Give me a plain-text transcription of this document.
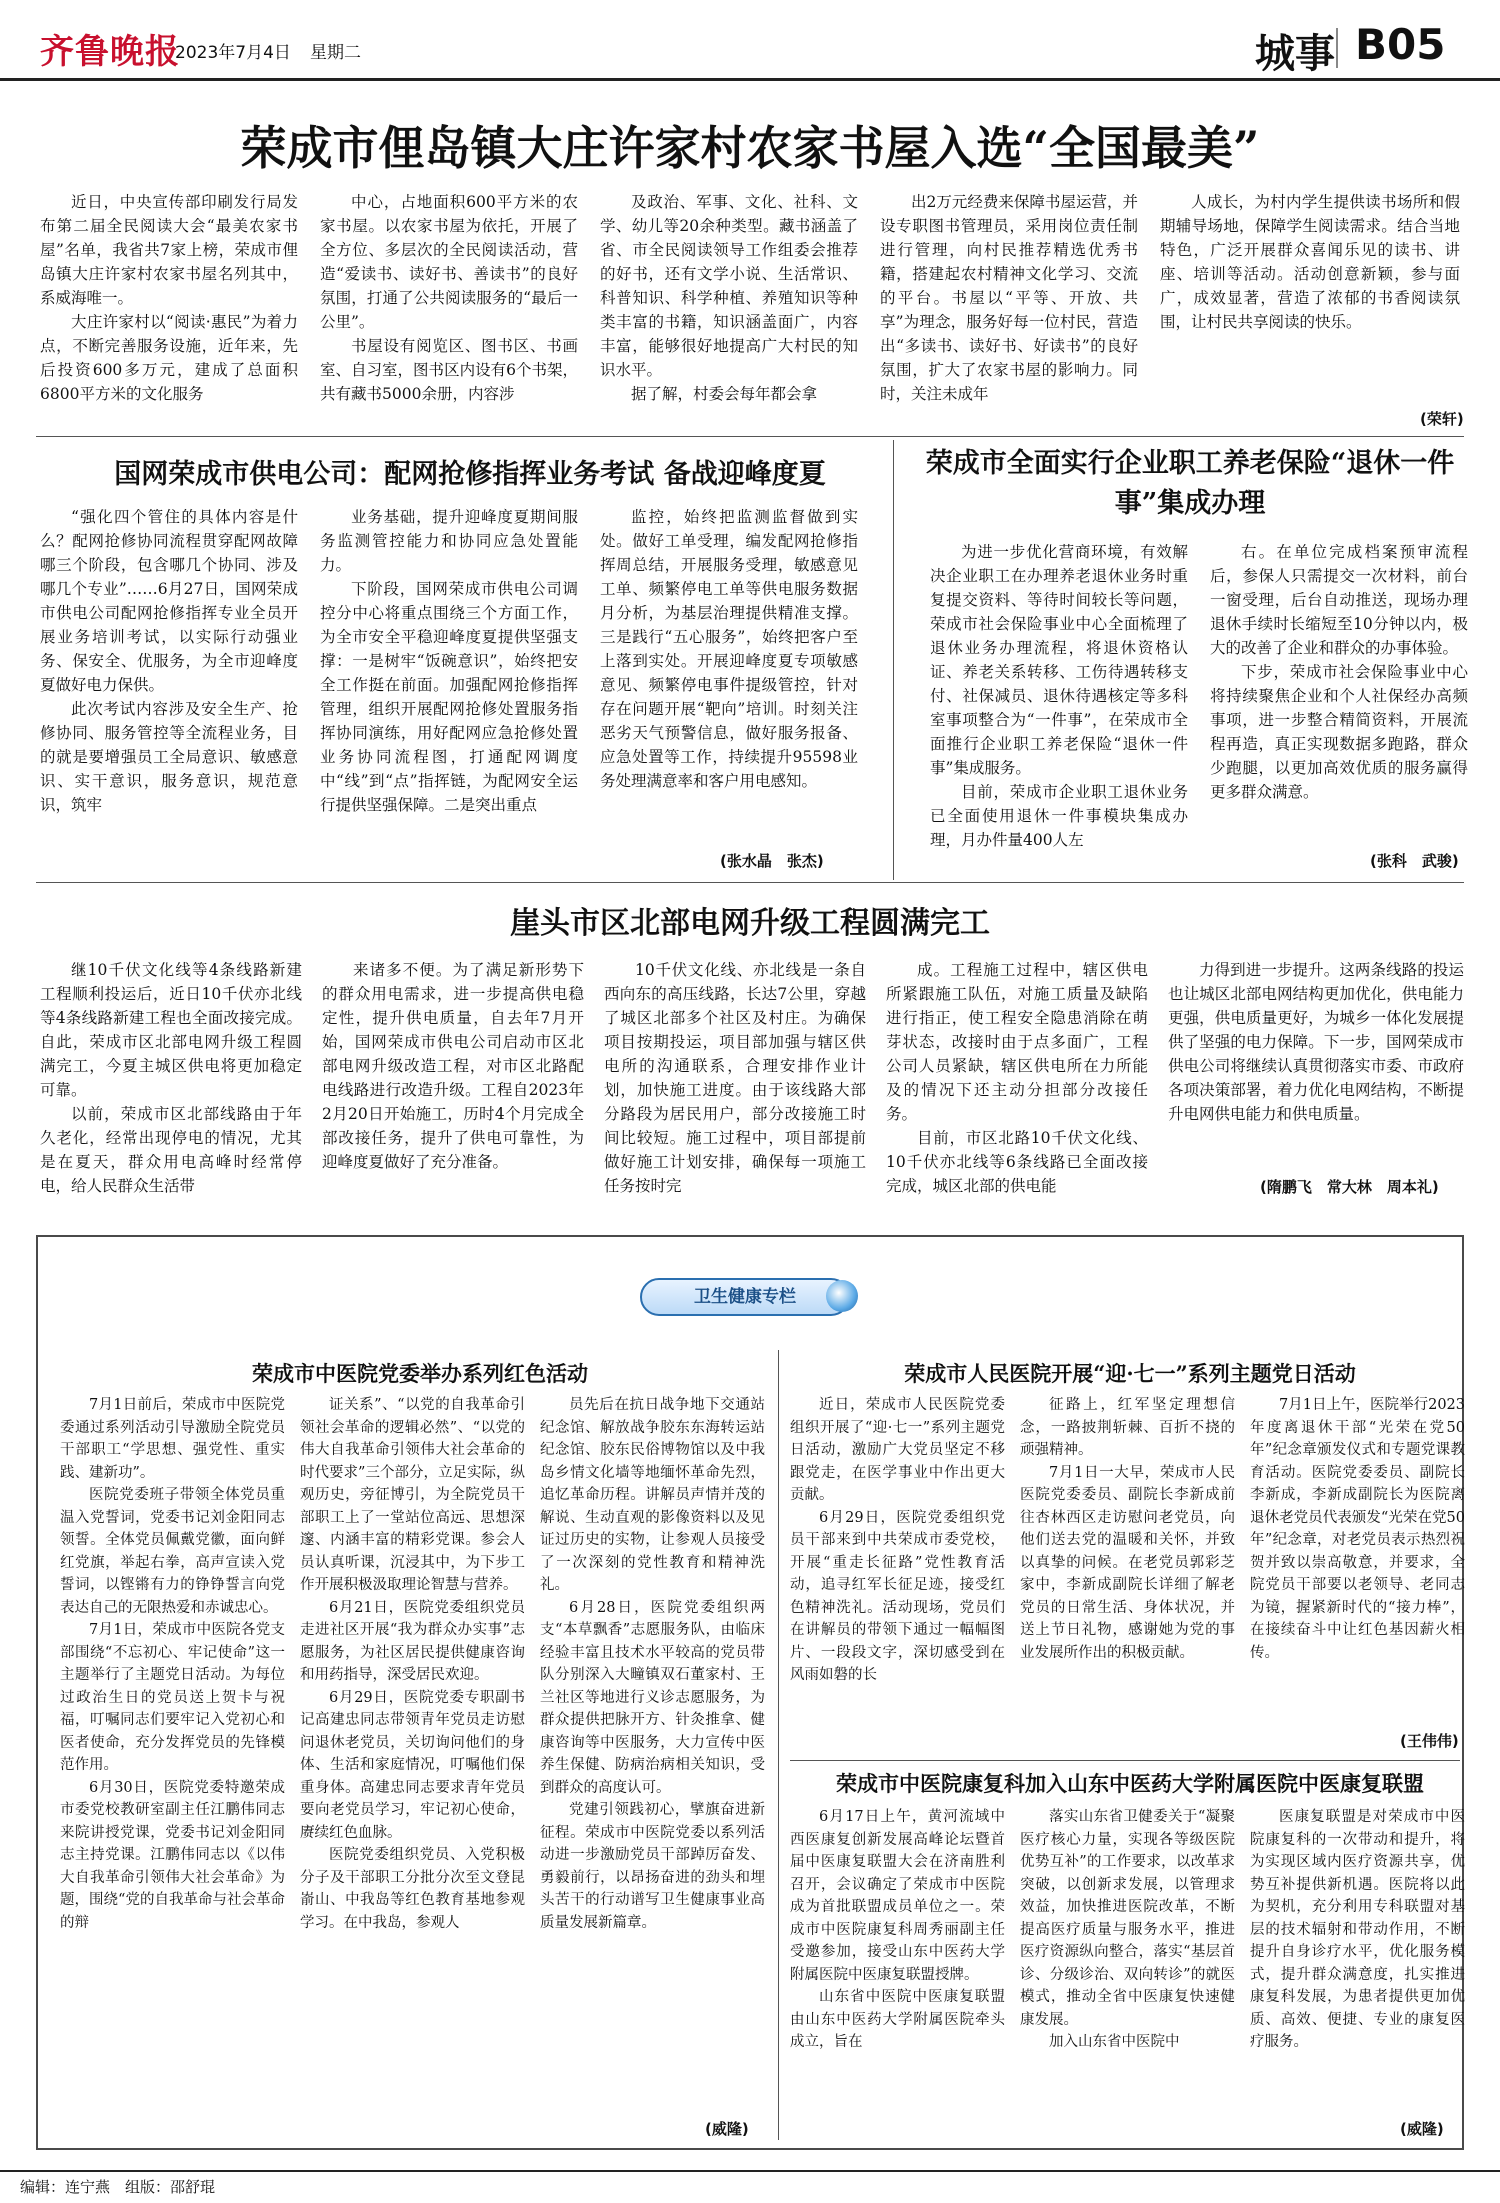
齐鲁晚报
2023年7月4日 星期二	城事 B05
荣成市俚岛镇大庄许家村农家书屋入选“全国最美”

近日，中央宣传部印刷发行局发布第二届全民阅读大会“最美农家书屋”名单，我省共7家上榜，荣成市俚岛镇大庄许家村农家书屋名列其中，系威海唯一。

大庄许家村以“阅读·惠民”为着力点，不断完善服务设施，近年来，先后投资600多万元，建成了总面积6800平方米的文化服务

中心，占地面积600平方米的农家书屋。以农家书屋为依托，开展了全方位、多层次的全民阅读活动，营造“爱读书、读好书、善读书”的良好氛围，打通了公共阅读服务的“最后一公里”。

书屋设有阅览区、图书区、书画室、自习室，图书区内设有6个书架，共有藏书5000余册，内容涉

及政治、军事、文化、社科、文学、幼儿等20余种类型。藏书涵盖了省、市全民阅读领导工作组委会推荐的好书，还有文学小说、生活常识、科普知识、科学种植、养殖知识等种类丰富的书籍，知识涵盖面广，内容丰富，能够很好地提高广大村民的知识水平。

据了解，村委会每年都会拿

出2万元经费来保障书屋运营，并设专职图书管理员，采用岗位责任制进行管理，向村民推荐精选优秀书籍，搭建起农村精神文化学习、交流的平台。书屋以“平等、开放、共享”为理念，服务好每一位村民，营造出“多读书、读好书、好读书”的良好氛围，扩大了农家书屋的影响力。同时，关注未成年

人成长，为村内学生提供读书场所和假期辅导场地，保障学生阅读需求。结合当地特色，广泛开展群众喜闻乐见的读书、讲座、培训等活动。活动创意新颖，参与面广，成效显著，营造了浓郁的书香阅读氛围，让村民共享阅读的快乐。

(荣轩)
国网荣成市供电公司：配网抢修指挥业务考试 备战迎峰度夏

“强化四个管住的具体内容是什么？配网抢修协同流程贯穿配网故障哪三个阶段，包含哪几个协同、涉及哪几个专业”……6月27日，国网荣成市供电公司配网抢修指挥专业全员开展业务培训考试，以实际行动强业务、保安全、优服务，为全市迎峰度夏做好电力保供。

此次考试内容涉及安全生产、抢修协同、服务管控等全流程业务，目的就是要增强员工全局意识、敏感意识、实干意识，服务意识，规范意识，筑牢

业务基础，提升迎峰度夏期间服务监测管控能力和协同应急处置能力。

下阶段，国网荣成市供电公司调控分中心将重点围绕三个方面工作，为全市安全平稳迎峰度夏提供坚强支撑：一是树牢“饭碗意识”，始终把安全工作挺在前面。加强配网抢修指挥管理，组织开展配网抢修处置服务指挥协同演练，用好配网应急抢修处置业务协同流程图，打通配网调度中“线”到“点”指挥链，为配网安全运行提供坚强保障。二是突出重点

监控，始终把监测监督做到实处。做好工单受理，编发配网抢修指挥周总结，开展服务受理，敏感意见工单、频繁停电工单等供电服务数据月分析，为基层治理提供精准支撑。三是践行“五心服务”，始终把客户至上落到实处。开展迎峰度夏专项敏感意见、频繁停电事件提级管控，针对存在问题开展“靶向”培训。时刻关注恶劣天气预警信息，做好服务报备、应急处置等工作，持续提升95598业务处理满意率和客户用电感知。

(张水晶　张杰)
荣成市全面实行企业职工养老保险“退休一件事”集成办理

为进一步优化营商环境，有效解决企业职工在办理养老退休业务时重复提交资料、等待时间较长等问题，荣成市社会保险事业中心全面梳理了退休业务办理流程，将退休资格认证、养老关系转移、工伤待遇转移支付、社保减员、退休待遇核定等多科室事项整合为“一件事”，在荣成市全面推行企业职工养老保险“退休一件事”集成服务。

目前，荣成市企业职工退休业务已全面使用退休一件事模块集成办理，月办件量400人左

右。在单位完成档案预审流程后，参保人只需提交一次材料，前台一窗受理，后台自动推送，现场办理退休手续时长缩短至10分钟以内，极大的改善了企业和群众的办事体验。

下步，荣成市社会保险事业中心将持续聚焦企业和个人社保经办高频事项，进一步整合精简资料，开展流程再造，真正实现数据多跑路，群众少跑腿，以更加高效优质的服务赢得更多群众满意。

(张科　武骏)
崖头市区北部电网升级工程圆满完工

继10千伏文化线等4条线路新建工程顺利投运后，近日10千伏亦北线等4条线路新建工程也全面改接完成。自此，荣成市区北部电网升级工程圆满完工，今夏主城区供电将更加稳定可靠。

以前，荣成市区北部线路由于年久老化，经常出现停电的情况，尤其是在夏天，群众用电高峰时经常停电，给人民群众生活带

来诸多不便。为了满足新形势下的群众用电需求，进一步提高供电稳定性，提升供电质量，自去年7月开始，国网荣成市供电公司启动市区北部电网升级改造工程，对市区北路配电线路进行改造升级。工程自2023年2月20日开始施工，历时4个月完成全部改接任务，提升了供电可靠性，为迎峰度夏做好了充分准备。

10千伏文化线、亦北线是一条自西向东的高压线路，长达7公里，穿越了城区北部多个社区及村庄。为确保项目按期投运，项目部加强与辖区供电所的沟通联系，合理安排作业计划，加快施工进度。由于该线路大部分路段为居民用户，部分改接施工时间比较短。施工过程中，项目部提前做好施工计划安排，确保每一项施工任务按时完

成。工程施工过程中，辖区供电所紧跟施工队伍，对施工质量及缺陷进行指正，使工程安全隐患消除在萌芽状态，改接时由于点多面广，工程公司人员紧缺，辖区供电所在力所能及的情况下还主动分担部分改接任务。

目前，市区北路10千伏文化线、10千伏亦北线等6条线路已全面改接完成，城区北部的供电能

力得到进一步提升。这两条线路的投运也让城区北部电网结构更加优化，供电能力更强，供电质量更好，为城乡一体化发展提供了坚强的电力保障。下一步，国网荣成市供电公司将继续认真贯彻落实市委、市政府各项决策部署，着力优化电网结构，不断提升电网供电能力和供电质量。

(隋鹏飞　常大林　周本礼)
卫生健康专栏
荣成市中医院党委举办系列红色活动

7月1日前后，荣成市中医院党委通过系列活动引导激励全院党员干部职工“学思想、强党性、重实践、建新功”。

医院党委班子带领全体党员重温入党誓词，党委书记刘金阳同志领誓。全体党员佩戴党徽，面向鲜红党旗，举起右拳，高声宣读入党誓词，以铿锵有力的铮铮誓言向党表达自己的无限热爱和赤诚忠心。

7月1日，荣成市中医院各党支部围绕“不忘初心、牢记使命”这一主题举行了主题党日活动。为每位过政治生日的党员送上贺卡与祝福，叮嘱同志们要牢记入党初心和医者使命，充分发挥党员的先锋模范作用。

6月30日，医院党委特邀荣成市委党校教研室副主任江鹏伟同志来院讲授党课，党委书记刘金阳同志主持党课。江鹏伟同志以《以伟大自我革命引领伟大社会革命》为题，围绕“党的自我革命与社会革命的辩

证关系”、“以党的自我革命引领社会革命的逻辑必然”、“以党的伟大自我革命引领伟大社会革命的时代要求”三个部分，立足实际，纵观历史，旁征博引，为全院党员干部职工上了一堂站位高远、思想深邃、内涵丰富的精彩党课。参会人员认真听课，沉浸其中，为下步工作开展积极汲取理论智慧与营养。

6月21日，医院党委组织党员走进社区开展“我为群众办实事”志愿服务，为社区居民提供健康咨询和用药指导，深受居民欢迎。

6月29日，医院党委专职副书记高建忠同志带领青年党员走访慰问退休老党员，关切询问他们的身体、生活和家庭情况，叮嘱他们保重身体。高建忠同志要求青年党员要向老党员学习，牢记初心使命，赓续红色血脉。

医院党委组织党员、入党积极分子及干部职工分批分次至文登昆嵛山、中我岛等红色教育基地参观学习。在中我岛，参观人

员先后在抗日战争地下交通站纪念馆、解放战争胶东东海转运站纪念馆、胶东民俗博物馆以及中我岛乡情文化墙等地缅怀革命先烈，追忆革命历程。讲解员声情并茂的解说、生动直观的影像资料以及见证过历史的实物，让参观人员接受了一次深刻的党性教育和精神洗礼。

6月28日，医院党委组织两支“本草飘香”志愿服务队，由临床经验丰富且技术水平较高的党员带队分别深入大疃镇双石董家村、王兰社区等地进行义诊志愿服务，为群众提供把脉开方、针灸推拿、健康咨询等中医服务，大力宣传中医养生保健、防病治病相关知识，受到群众的高度认可。

党建引领践初心，擘旗奋进新征程。荣成市中医院党委以系列活动进一步激励党员干部踔厉奋发、勇毅前行，以昂扬奋进的劲头和埋头苦干的行动谱写卫生健康事业高质量发展新篇章。

(威隆)
荣成市人民医院开展“迎·七一”系列主题党日活动

近日，荣成市人民医院党委组织开展了“迎·七一”系列主题党日活动，激励广大党员坚定不移跟党走，在医学事业中作出更大贡献。

6月29日，医院党委组织党员干部来到中共荣成市委党校，开展“重走长征路”党性教育活动，追寻红军长征足迹，接受红色精神洗礼。活动现场，党员们在讲解员的带领下通过一幅幅图片、一段段文字，深切感受到在风雨如磐的长

征路上，红军坚定理想信念，一路披荆斩棘、百折不挠的顽强精神。

7月1日一大早，荣成市人民医院党委委员、副院长李新成前往杏林西区走访慰问老党员，向他们送去党的温暖和关怀，并致以真挚的问候。在老党员郭彩芝家中，李新成副院长详细了解老党员的日常生活、身体状况，并送上节日礼物，感谢她为党的事业发展所作出的积极贡献。

7月1日上午，医院举行2023年度离退休干部“光荣在党50年”纪念章颁发仪式和专题党课教育活动。医院党委委员、副院长李新成，李新成副院长为医院离退休老党员代表颁发“光荣在党50年”纪念章，对老党员表示热烈祝贺并致以崇高敬意，并要求，全院党员干部要以老领导、老同志为镜，握紧新时代的“接力棒”，在接续奋斗中让红色基因薪火相传。

(王伟伟)
荣成市中医院康复科加入山东中医药大学附属医院中医康复联盟

6月17日上午，黄河流域中西医康复创新发展高峰论坛暨首届中医康复联盟大会在济南胜利召开，会议确定了荣成市中医院成为首批联盟成员单位之一。荣成市中医院康复科周秀丽副主任受邀参加，接受山东中医药大学附属医院中医康复联盟授牌。

山东省中医院中医康复联盟由山东中医药大学附属医院牵头成立，旨在

落实山东省卫健委关于“凝聚医疗核心力量，实现各等级医院优势互补”的工作要求，以改革求突破，以创新求发展，以管理求效益，加快推进医院改革，不断提高医疗质量与服务水平，推进医疗资源纵向整合，落实“基层首诊、分级诊治、双向转诊”的就医模式，推动全省中医康复快速健康发展。

加入山东省中医院中

医康复联盟是对荣成市中医院康复科的一次带动和提升，将为实现区域内医疗资源共享，优势互补提供新机遇。医院将以此为契机，充分利用专科联盟对基层的技术辐射和带动作用，不断提升自身诊疗水平，优化服务模式，提升群众满意度，扎实推进康复科发展，为患者提供更加优质、高效、便捷、专业的康复医疗服务。

(威隆)
编辑：连宁燕　组版：邵舒琨
